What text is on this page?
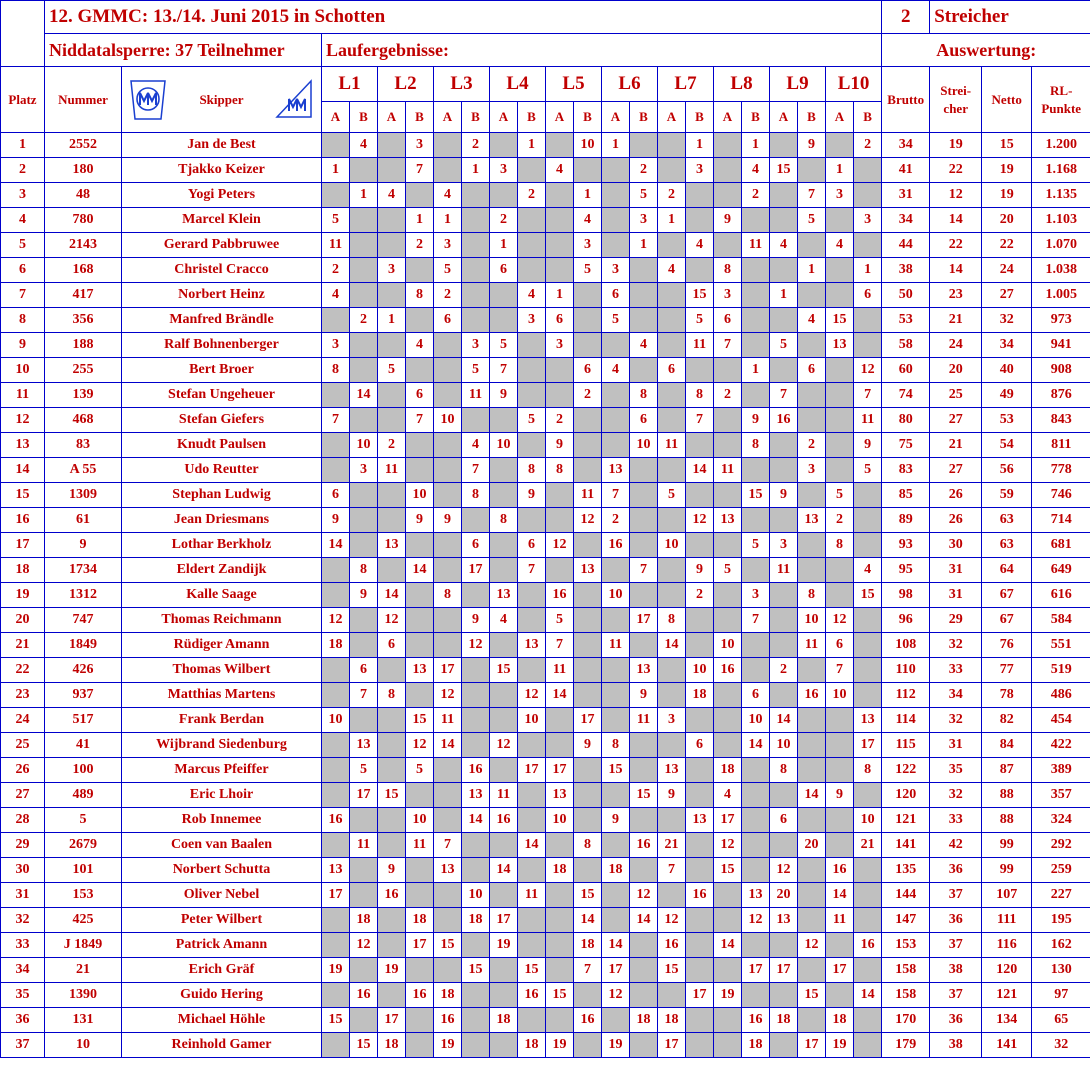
	12. GMMC: 13./14. Juni 2015 in Schotten																						2	Streicher		
	Niddatalsperre: 37 Teilnehmer		Laufergebnisse:																				Auswertung:			
Platz	Nummer	Skipper	L1		L2		L3		L4		L5		L6		L7		L8		L9		L10		Brutto	Strei-cher	Netto	RL-Punkte
			A	B	A	B	A	B	A	B	A	B	A	B	A	B	A	B	A	B	A	B				
1	2552	Jan de Best		4		3		2		1		10	1			1		1		9		2	34	19	15	1.200
2	180	Tjakko Keizer	1			7		1	3		4			2		3		4	15		1		41	22	19	1.168
3	48	Yogi Peters		1	4		4			2		1		5	2			2		7	3		31	12	19	1.135
4	780	Marcel Klein	5			1	1		2			4		3	1		9			5		3	34	14	20	1.103
5	2143	Gerard Pabbruwee	11			2	3		1			3		1		4		11	4		4		44	22	22	1.070
6	168	Christel Cracco	2		3		5		6			5	3		4		8			1		1	38	14	24	1.038
7	417	Norbert Heinz	4			8	2			4	1		6			15	3		1			6	50	23	27	1.005
8	356	Manfred Brändle		2	1		6			3	6		5			5	6			4	15		53	21	32	973
9	188	Ralf Bohnenberger	3			4		3	5		3			4		11	7		5		13		58	24	34	941
10	255	Bert Broer	8		5			5	7			6	4		6			1		6		12	60	20	40	908
11	139	Stefan Ungeheuer		14		6		11	9			2		8		8	2		7			7	74	25	49	876
12	468	Stefan Giefers	7			7	10			5	2			6		7		9	16			11	80	27	53	843
13	83	Knudt Paulsen		10	2			4	10		9			10	11			8		2		9	75	21	54	811
14	A 55	Udo Reutter		3	11			7		8	8		13			14	11			3		5	83	27	56	778
15	1309	Stephan Ludwig	6			10		8		9		11	7		5			15	9		5		85	26	59	746
16	61	Jean Driesmans	9			9	9		8			12	2			12	13			13	2		89	26	63	714
17	9	Lothar Berkholz	14		13			6		6	12		16		10			5	3		8		93	30	63	681
18	1734	Eldert Zandijk		8		14		17		7		13		7		9	5		11			4	95	31	64	649
19	1312	Kalle Saage		9	14		8		13		16		10			2		3		8		15	98	31	67	616
20	747	Thomas Reichmann	12		12			9	4		5			17	8			7		10	12		96	29	67	584
21	1849	Rüdiger Amann	18		6			12		13	7		11		14		10			11	6		108	32	76	551
22	426	Thomas Wilbert		6		13	17		15		11			13		10	16		2		7		110	33	77	519
23	937	Matthias Martens		7	8		12			12	14			9		18		6		16	10		112	34	78	486
24	517	Frank Berdan	10			15	11			10		17		11	3			10	14			13	114	32	82	454
25	41	Wijbrand Siedenburg		13		12	14		12			9	8			6		14	10			17	115	31	84	422
26	100	Marcus Pfeiffer		5		5		16		17	17		15		13		18		8			8	122	35	87	389
27	489	Eric Lhoir		17	15			13	11		13			15	9		4			14	9		120	32	88	357
28	5	Rob Innemee	16			10		14	16		10		9			13	17		6			10	121	33	88	324
29	2679	Coen van Baalen		11		11	7			14		8		16	21		12			20		21	141	42	99	292
30	101	Norbert Schutta	13		9		13		14		18		18		7		15		12		16		135	36	99	259
31	153	Oliver Nebel	17		16			10		11		15		12		16		13	20		14		144	37	107	227
32	425	Peter Wilbert		18		18		18	17			14		14	12			12	13		11		147	36	111	195
33	J 1849	Patrick Amann		12		17	15		19			18	14		16		14			12		16	153	37	116	162
34	21	Erich Gräf	19		19			15		15		7	17		15			17	17		17		158	38	120	130
35	1390	Guido Hering		16		16	18			16	15		12			17	19			15		14	158	37	121	97
36	131	Michael Höhle	15		17		16		18			16		18	18			16	18		18		170	36	134	65
37	10	Reinhold Gamer		15	18		19			18	19		19		17			18		17	19		179	38	141	32
